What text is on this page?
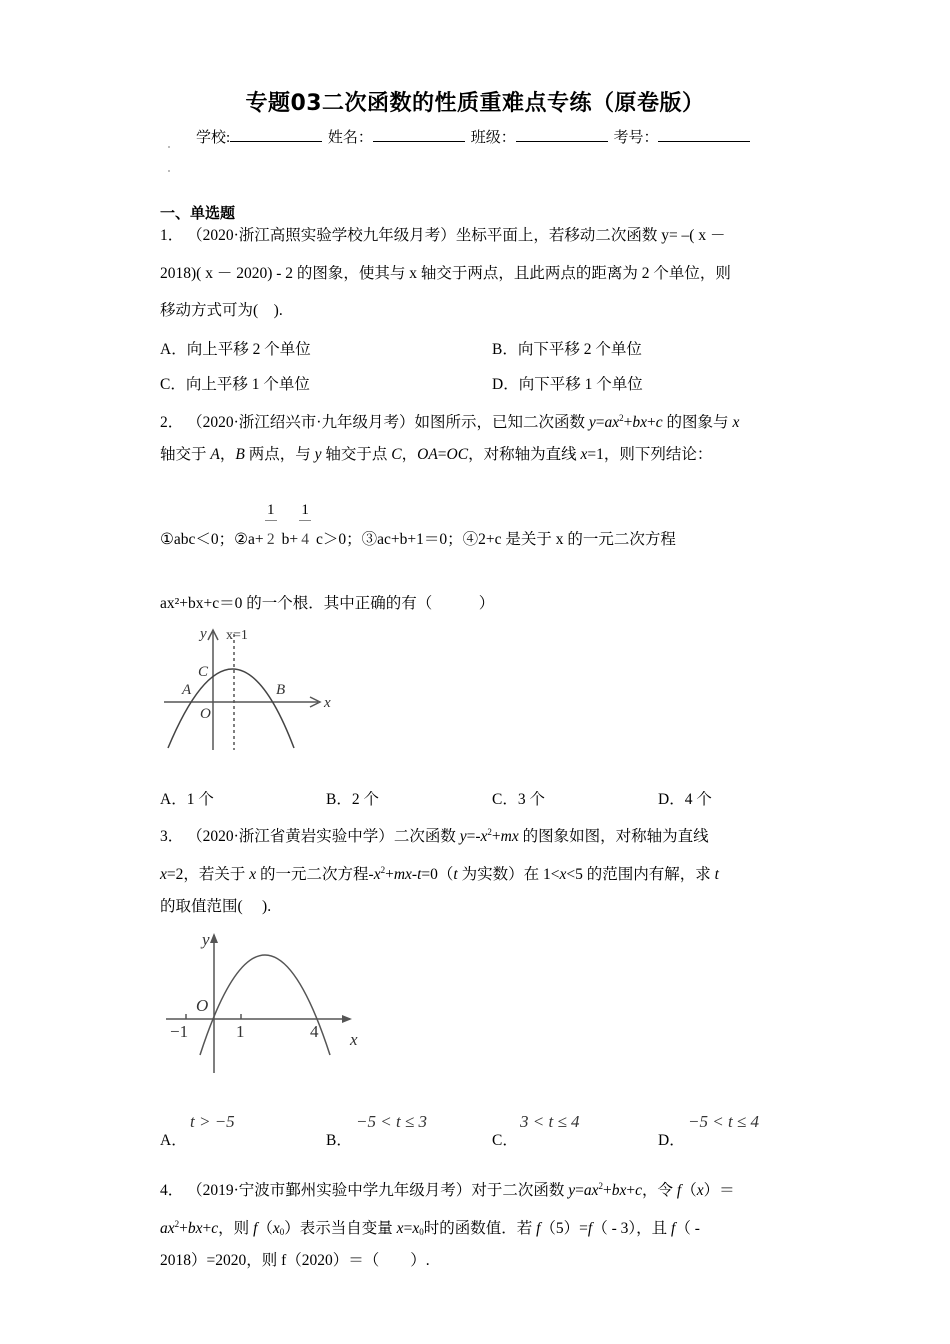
专题03二次函数的性质重难点专练（原卷版）
学校:	姓名：	班级：	考号：
一、单选题
1． （2020·浙江高照实验学校九年级月考）坐标平面上，若移动二次函数 y= –( x －
2018)( x － 2020) - 2 的图象，使其与 x 轴交于两点，且此两点的距离为 2 个单位，则
移动方式可为(　).
A．向上平移 2 个单位	B．向下平移 2 个单位
C．向上平移 1 个单位	D．向下平移 1 个单位
2． （2020·浙江绍兴市·九年级月考）如图所示，已知二次函数 $y=ax^2+bx+c$ 的图象与 x
轴交于 A，B 两点，与 y 轴交于点 C，OA=OC，对称轴为直线 x=1，则下列结论：
①abc＜0；②a+ $\frac{1}{2} b+ \frac{1}{4} c>0$；③ac+b+1＝0；④2+c 是关于 x 的一元二次方程
ax²+bx+c＝0 的一个根．其中正确的有（　　　）
x
y x=1
C
A	B
O
A．1 个	B．2 个	C．3 个	D．4 个
3． （2020·浙江省黄岩实验中学）二次函数 $y=-x^2+mx$ 的图象如图，对称轴为直线
x=2，若关于 x 的一元二次方程$-x^2+mx-t=0(t$ 为实数）在 1<x<5 的范围内有解，求 t
的取值范围(　 ).
y
O
−1	1	4 x
A．
t > −5
B．
−5 < t ≤ 3
C．
3 < t ≤ 4
D．
−5 < t ≤ 4
4． （2019·宁波市鄞州实验中学九年级月考）对于二次函数 $y=ax^2+bx+c$，令 f（x）＝
$ax^2+bx+c$，则 $f(x_0)$表示当自变量 $x=x_0$时的函数值．若 f（5）=f（ - 3），且 f（ -
2018）=2020，则 f（2020）＝（　　）.
